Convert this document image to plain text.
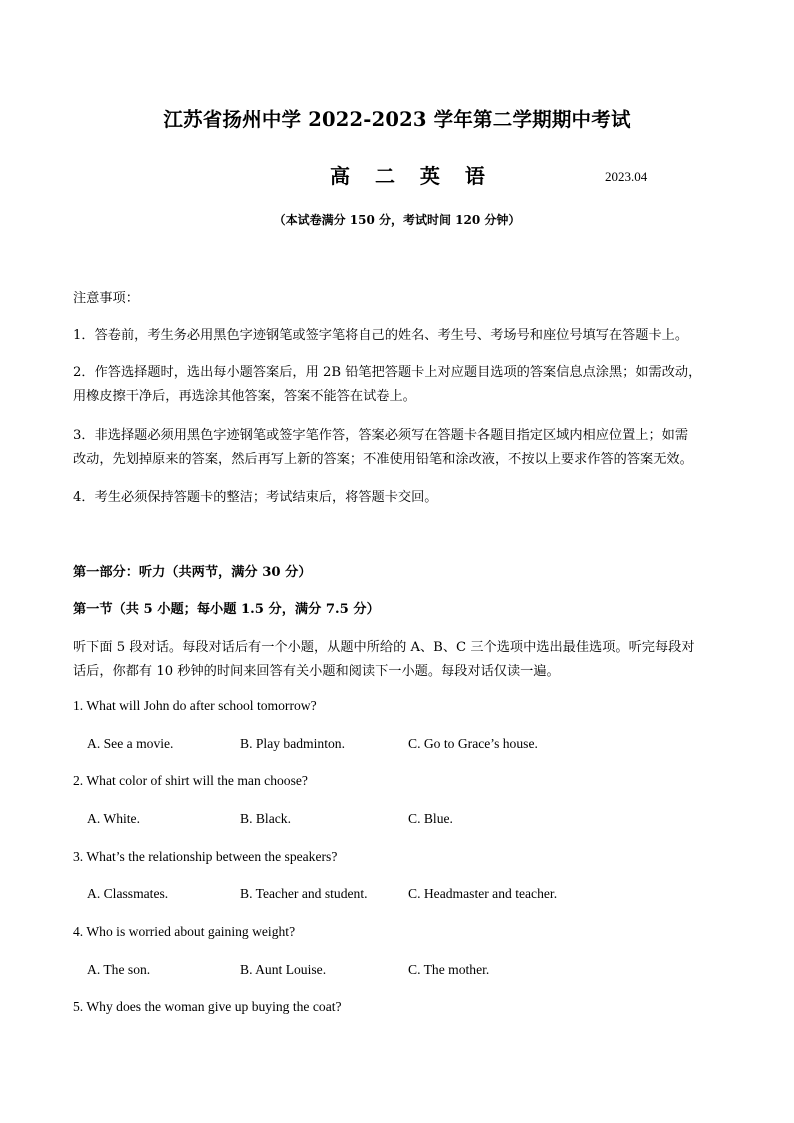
江苏省扬州中学 2022-2023 学年第二学期期中考试
高 二 英 语	2023.04
（本试卷满分 150 分，考试时间 120 分钟）
注意事项：
1．答卷前，考生务必用黑色字迹钢笔或签字笔将自己的姓名、考生号、考场号和座位号填写在答题卡上。
2．作答选择题时，选出每小题答案后，用 2B 铅笔把答题卡上对应题目选项的答案信息点涂黑；如需改动，
用橡皮擦干净后，再选涂其他答案，答案不能答在试卷上。
3．非选择题必须用黑色字迹钢笔或签字笔作答，答案必须写在答题卡各题目指定区域内相应位置上；如需
改动，先划掉原来的答案，然后再写上新的答案；不准使用铅笔和涂改液，不按以上要求作答的答案无效。
4．考生必须保持答题卡的整洁；考试结束后，将答题卡交回。
第一部分：听力（共两节，满分 30 分）
第一节（共 5 小题；每小题 1.5 分，满分 7.5 分）
听下面 5 段对话。每段对话后有一个小题，从题中所给的 A、B、C 三个选项中选出最佳选项。听完每段对
话后，你都有 10 秒钟的时间来回答有关小题和阅读下一小题。每段对话仅读一遍。
1. What will John do after school tomorrow?
A. See a movie.	B. Play badminton.	C. Go to Grace’s house.
2. What color of shirt will the man choose?
A. White.	B. Black.	C. Blue.
3. What’s the relationship between the speakers?
A. Classmates.	B. Teacher and student.	C. Headmaster and teacher.
4. Who is worried about gaining weight?
A. The son.	B. Aunt Louise.	C. The mother.
5. Why does the woman give up buying the coat?
